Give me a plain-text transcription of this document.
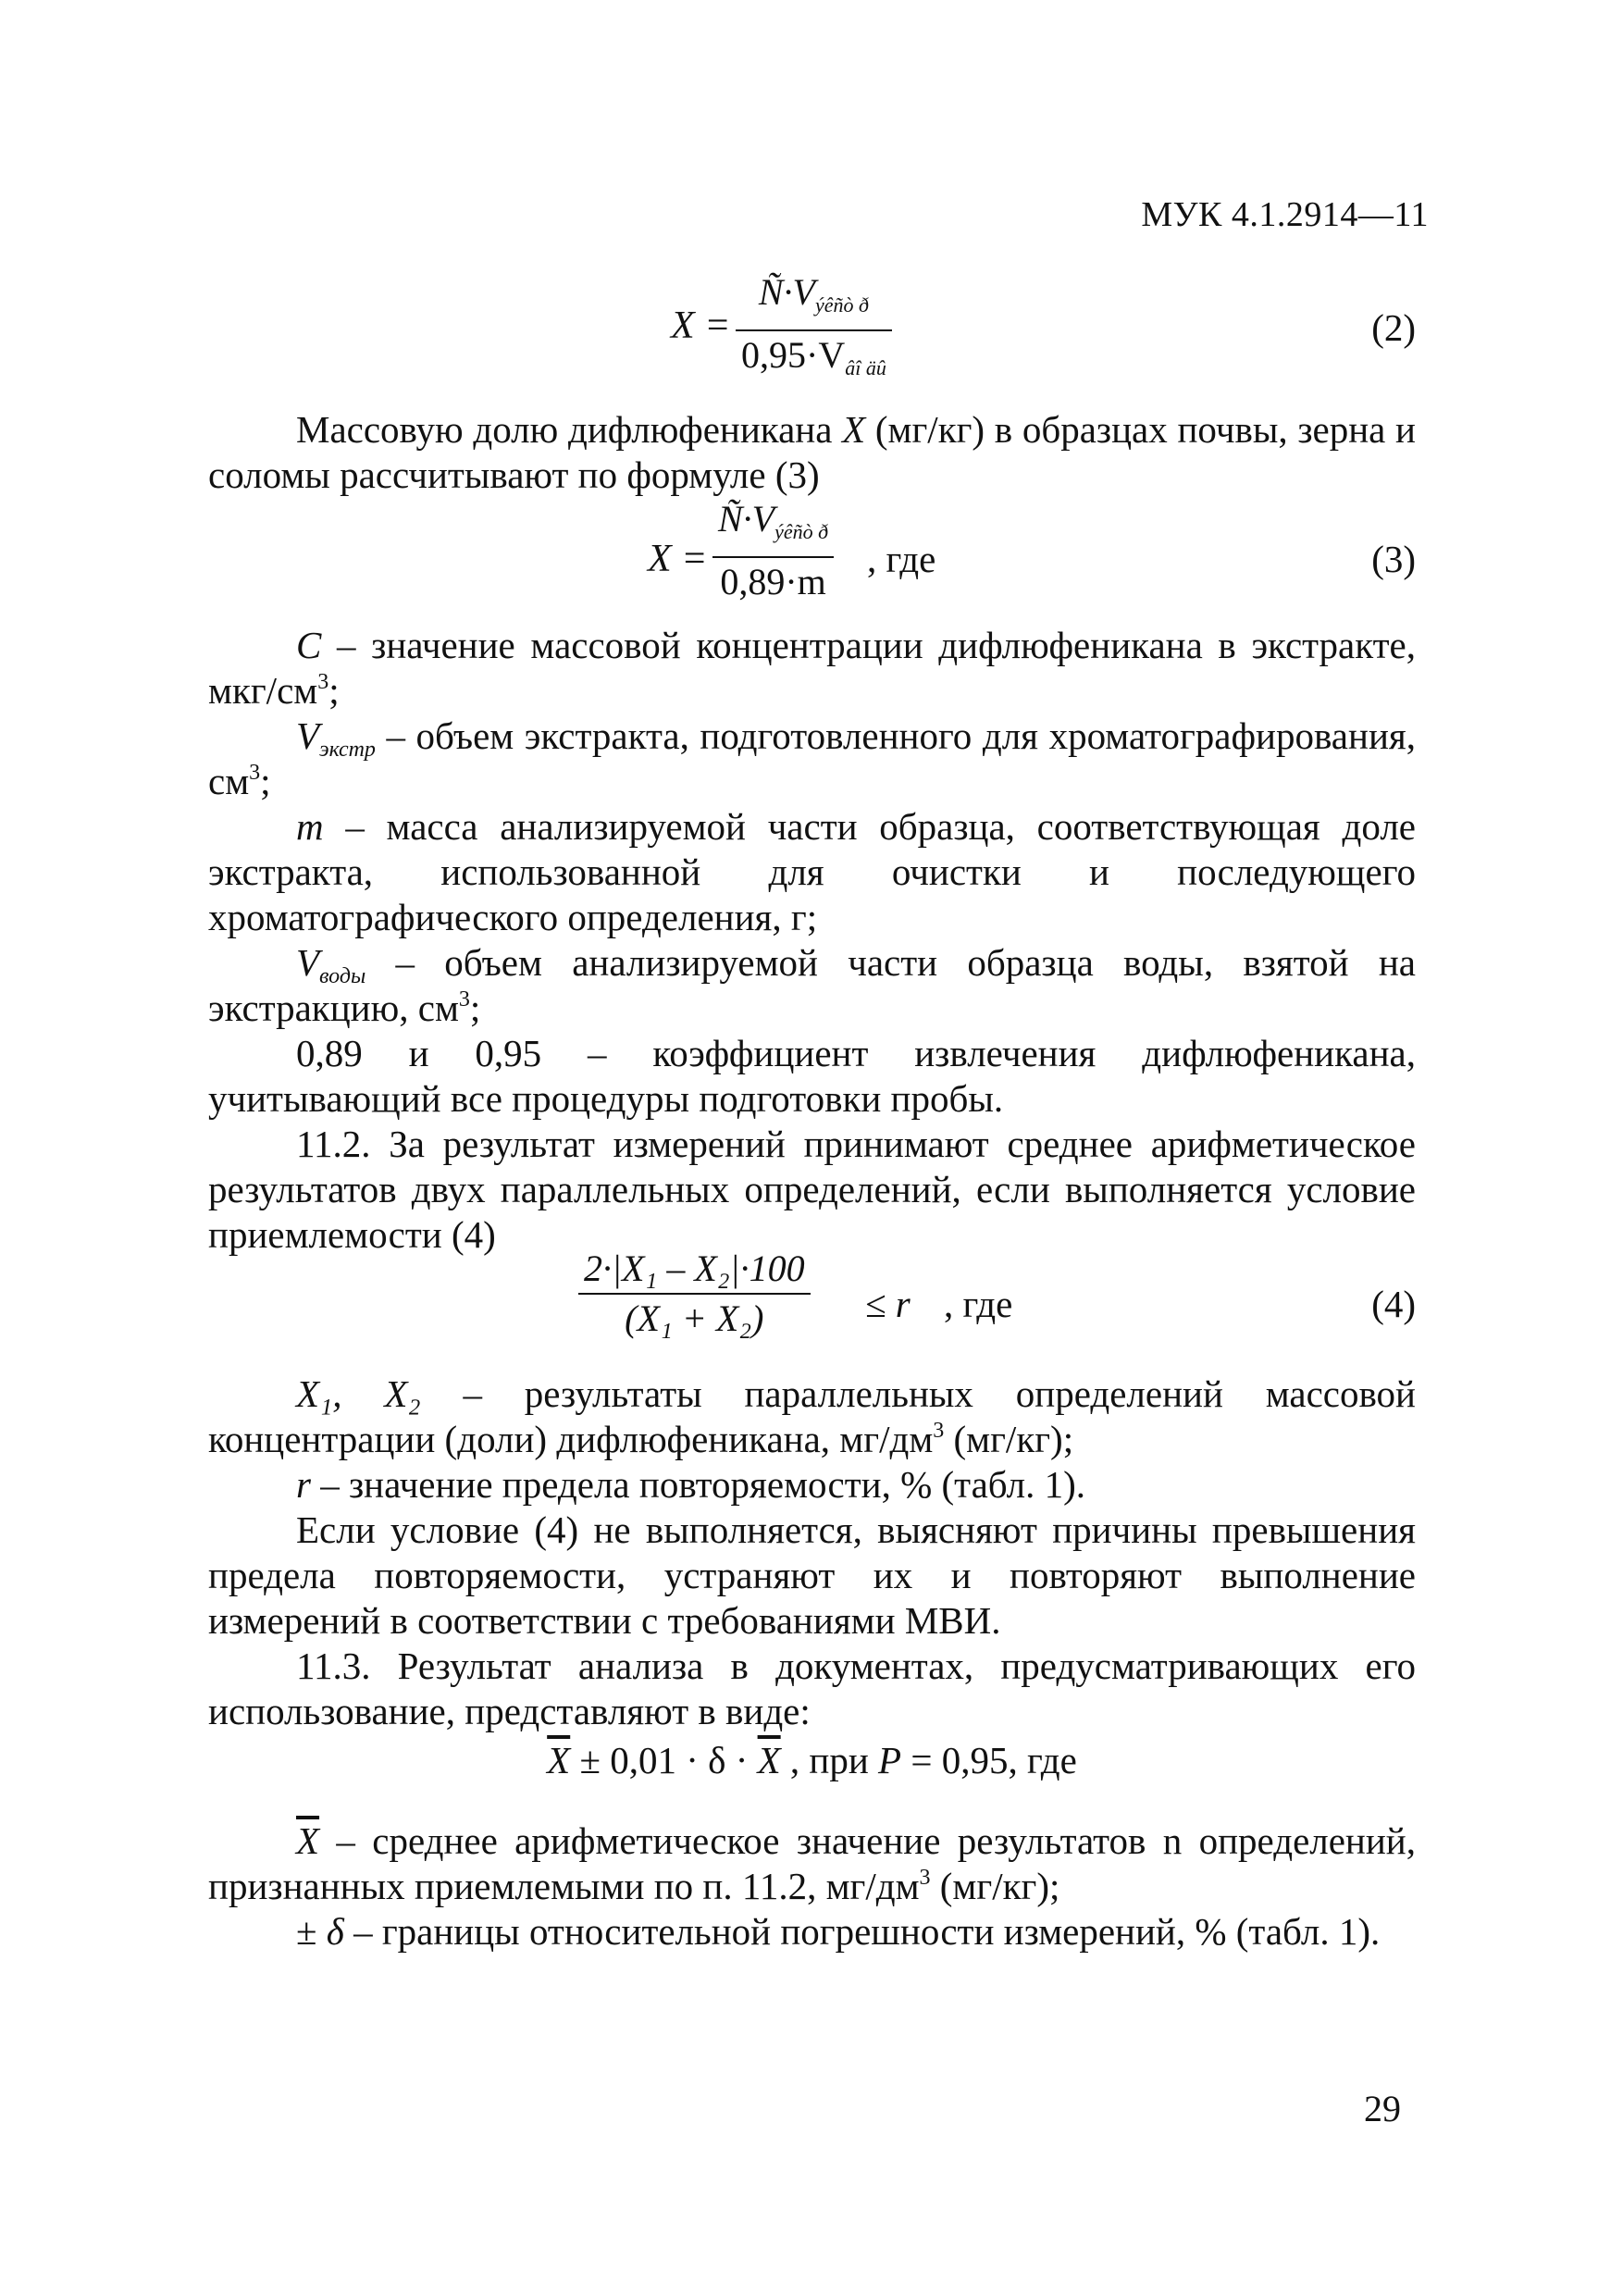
МУК 4.1.2914—11
X =
$Ñ\cdot V_{ýêñò ð}$
$0,95\cdot V_{âî äû}$
(2)

Массовую долю дифлюфеникана X (мг/кг) в образцах почвы, зерна и соломы рассчитывают по формуле (3)

X =
$Ñ\cdot V_{ýêñò ð}$
0,89·m
, где	(3)

C – значение массовой концентрации дифлюфеникана в экстракте, мкг/$см^3$;

$V_{экстр}$ – объем экстракта, подготовленного для хроматографирования, $см^3$;

m – масса анализируемой части образца, соответствующая доле экстракта, использованной для очистки и последующего хроматографического определения, г;

$V_{воды}$ – объем анализируемой части образца воды, взятой на экстракцию, $см^3$;

0,89 и 0,95 – коэффициент извлечения дифлюфеникана, учитывающий все процедуры подготовки пробы.

11.2. За результат измерений принимают среднее арифметическое результатов двух параллельных определений, если выполняется условие приемлемости (4)

2·|X₁ – X₂|·100
(X₁ + X₂)	≤ r , где	(4)

X₁, X₂ – результаты параллельных определений массовой концентрации (доли) дифлюфеникана, $мг/дм^3$ (мг/кг);

r – значение предела повторяемости, % (табл. 1).

Если условие (4) не выполняется, выясняют причины превышения предела повторяемости, устраняют их и повторяют выполнение измерений в соответствии с требованиями МВИ.

11.3. Результат анализа в документах, предусматривающих его использование, представляют в виде:

$\overline{X} \pm 0,01 \cdot \delta \cdot \overline{X}$ , при P = 0,95, где

$\overline{X}$ – среднее арифметическое значение результатов n определений, признанных приемлемыми по п. 11.2, $мг/дм^3$ (мг/кг);

± δ – границы относительной погрешности измерений, % (табл. 1).

29
